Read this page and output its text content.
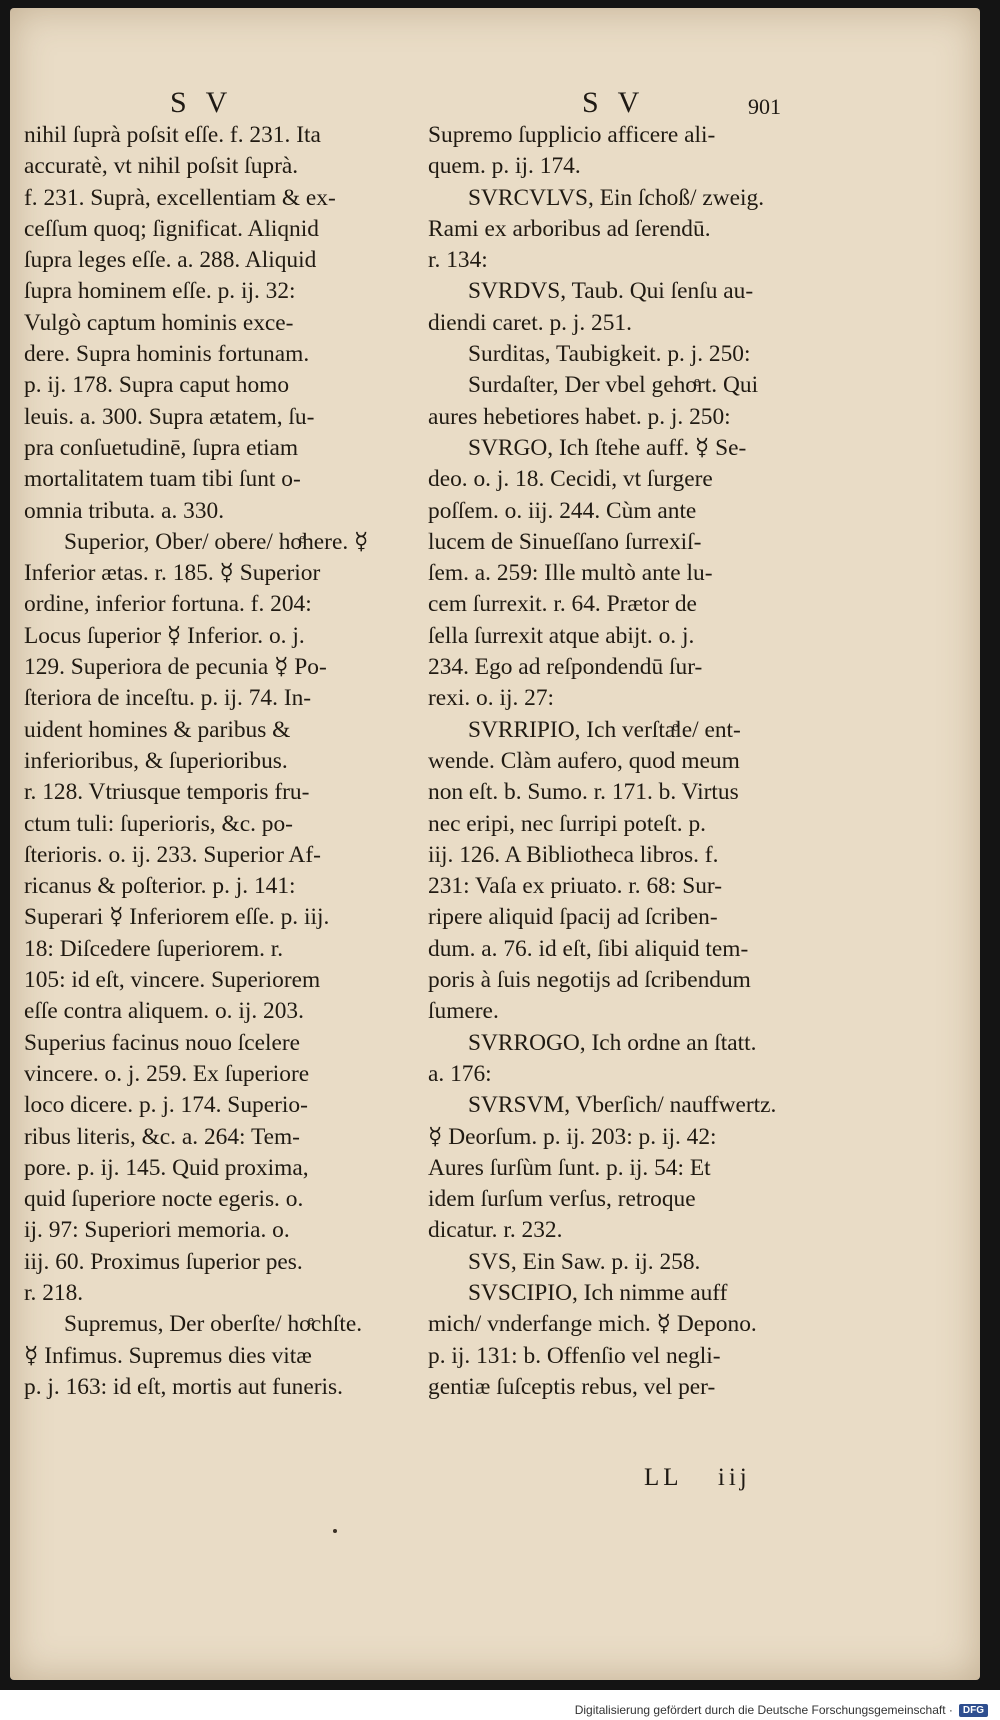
S V	S V	901
nihil ſuprà poſsit eſſe. f. 231. Ita
accuratè, vt nihil poſsit ſuprà.
f. 231. Suprà, excellentiam & ex-
ceſſum quoq; ſignificat. Aliqnid
ſupra leges eſſe. a. 288. Aliquid
ſupra hominem eſſe. p. ij. 32:
Vulgò captum hominis exce-
dere. Supra hominis fortunam.
p. ij. 178. Supra caput homo
leuis. a. 300. Supra ætatem, ſu-
pra conſuetudinē, ſupra etiam
mortalitatem tuam tibi ſunt o-
omnia tributa. a. 330.
Superior, Ober/ obere/ hoͤhere. ☿
Inferior ætas. r. 185. ☿ Superior
ordine, inferior fortuna. f. 204:
Locus ſuperior ☿ Inferior. o. j.
129. Superiora de pecunia ☿ Po-
ſteriora de inceſtu. p. ij. 74. In-
uident homines & paribus &
inferioribus, & ſuperioribus.
r. 128. Vtriusque temporis fru-
ctum tuli: ſuperioris, &c. po-
ſterioris. o. ij. 233. Superior Af-
ricanus & poſterior. p. j. 141:
Superari ☿ Inferiorem eſſe. p. iij.
18: Diſcedere ſuperiorem. r.
105: id eſt, vincere. Superiorem
eſſe contra aliquem. o. ij. 203.
Superius facinus nouo ſcelere
vincere. o. j. 259. Ex ſuperiore
loco dicere. p. j. 174. Superio-
ribus literis, &c. a. 264: Tem-
pore. p. ij. 145. Quid proxima,
quid ſuperiore nocte egeris. o.
ij. 97: Superiori memoria. o.
iij. 60. Proximus ſuperior pes.
r. 218.
Supremus, Der oberſte/ hoͤchſte.
☿ Infimus. Supremus dies vitæ
p. j. 163: id eſt, mortis aut funeris.
Supremo ſupplicio afficere ali-
quem. p. ij. 174.
SVRCVLVS, Ein ſchoß/ zweig.
Rami ex arboribus ad ſerendū.
r. 134:
SVRDVS, Taub. Qui ſenſu au-
diendi caret. p. j. 251.
Surditas, Taubigkeit. p. j. 250:
Surdaſter, Der vbel gehoͤrt. Qui
aures hebetiores habet. p. j. 250:
SVRGO, Ich ſtehe auff. ☿ Se-
deo. o. j. 18. Cecidi, vt ſurgere
poſſem. o. iij. 244. Cùm ante
lucem de Sinueſſano ſurrexiſ-
ſem. a. 259: Ille multò ante lu-
cem ſurrexit. r. 64. Prætor de
ſella ſurrexit atque abijt. o. j.
234. Ego ad reſpondendū ſur-
rexi. o. ij. 27:
SVRRIPIO, Ich verſtaͤle/ ent-
wende. Clàm aufero, quod meum
non eſt. b. Sumo. r. 171. b. Virtus
nec eripi, nec ſurripi poteſt. p.
iij. 126. A Bibliotheca libros. f.
231: Vaſa ex priuato. r. 68: Sur-
ripere aliquid ſpacij ad ſcriben-
dum. a. 76. id eſt, ſibi aliquid tem-
poris à ſuis negotijs ad ſcribendum
ſumere.
SVRROGO, Ich ordne an ſtatt.
a. 176:
SVRSVM, Vberſich/ nauffwertz.
☿ Deorſum. p. ij. 203: p. ij. 42:
Aures ſurſùm ſunt. p. ij. 54: Et
idem ſurſum verſus, retroque
dicatur. r. 232.
SVS, Ein Saw. p. ij. 258.
SVSCIPIO, Ich nimme auff
mich/ vnderfange mich. ☿ Depono.
p. ij. 131: b. Offenſio vel negli-
gentiæ ſuſceptis rebus, vel per-
LL iij
Digitalisierung gefördert durch die Deutsche Forschungsgemeinschaft ·	DFG
